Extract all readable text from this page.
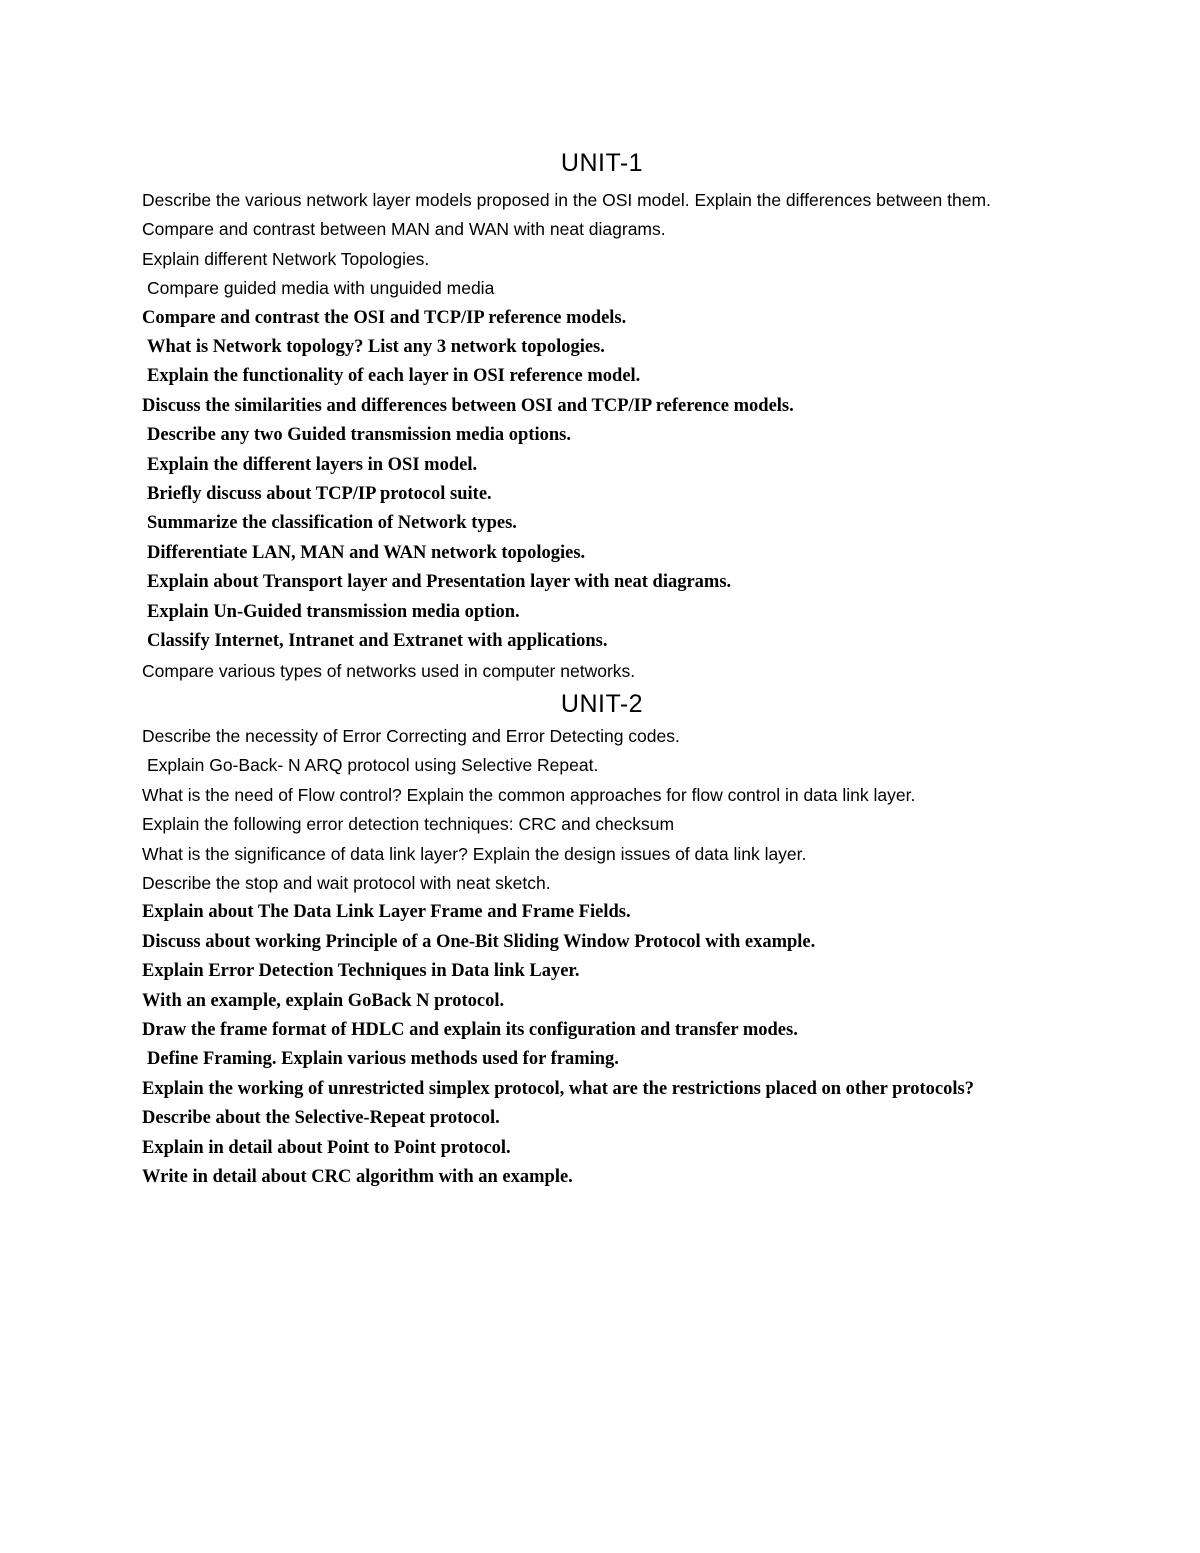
UNIT-1

Describe the various network layer models proposed in the OSI model. Explain the differences between them.

Compare and contrast between MAN and WAN with neat diagrams.

Explain different Network Topologies.

Compare guided media with unguided media

Compare and contrast the OSI and TCP/IP reference models.

What is Network topology? List any 3 network topologies.

Explain the functionality of each layer in OSI reference model.

Discuss the similarities and differences between OSI and TCP/IP reference models.

Describe any two Guided transmission media options.

Explain the different layers in OSI model.

Briefly discuss about TCP/IP protocol suite.

Summarize the classification of Network types.

Differentiate LAN, MAN and WAN network topologies.

Explain about Transport layer and Presentation layer with neat diagrams.

Explain Un-Guided transmission media option.

Classify Internet, Intranet and Extranet with applications.

Compare various types of networks used in computer networks.

UNIT-2

Describe the necessity of Error Correcting and Error Detecting codes.

Explain Go-Back- N ARQ protocol using Selective Repeat.

What is the need of Flow control? Explain the common approaches for flow control in data link layer.

Explain the following error detection techniques: CRC and checksum

What is the significance of data link layer? Explain the design issues of data link layer.

Describe the stop and wait protocol with neat sketch.

Explain about The Data Link Layer Frame and Frame Fields.

Discuss about working Principle of a One-Bit Sliding Window Protocol with example.

Explain Error Detection Techniques in Data link Layer.

With an example, explain GoBack N protocol.

Draw the frame format of HDLC and explain its configuration and transfer modes.

Define Framing. Explain various methods used for framing.

Explain the working of unrestricted simplex protocol, what are the restrictions placed on other protocols?

Describe about the Selective-Repeat protocol.

Explain in detail about Point to Point protocol.

Write in detail about CRC algorithm with an example.
